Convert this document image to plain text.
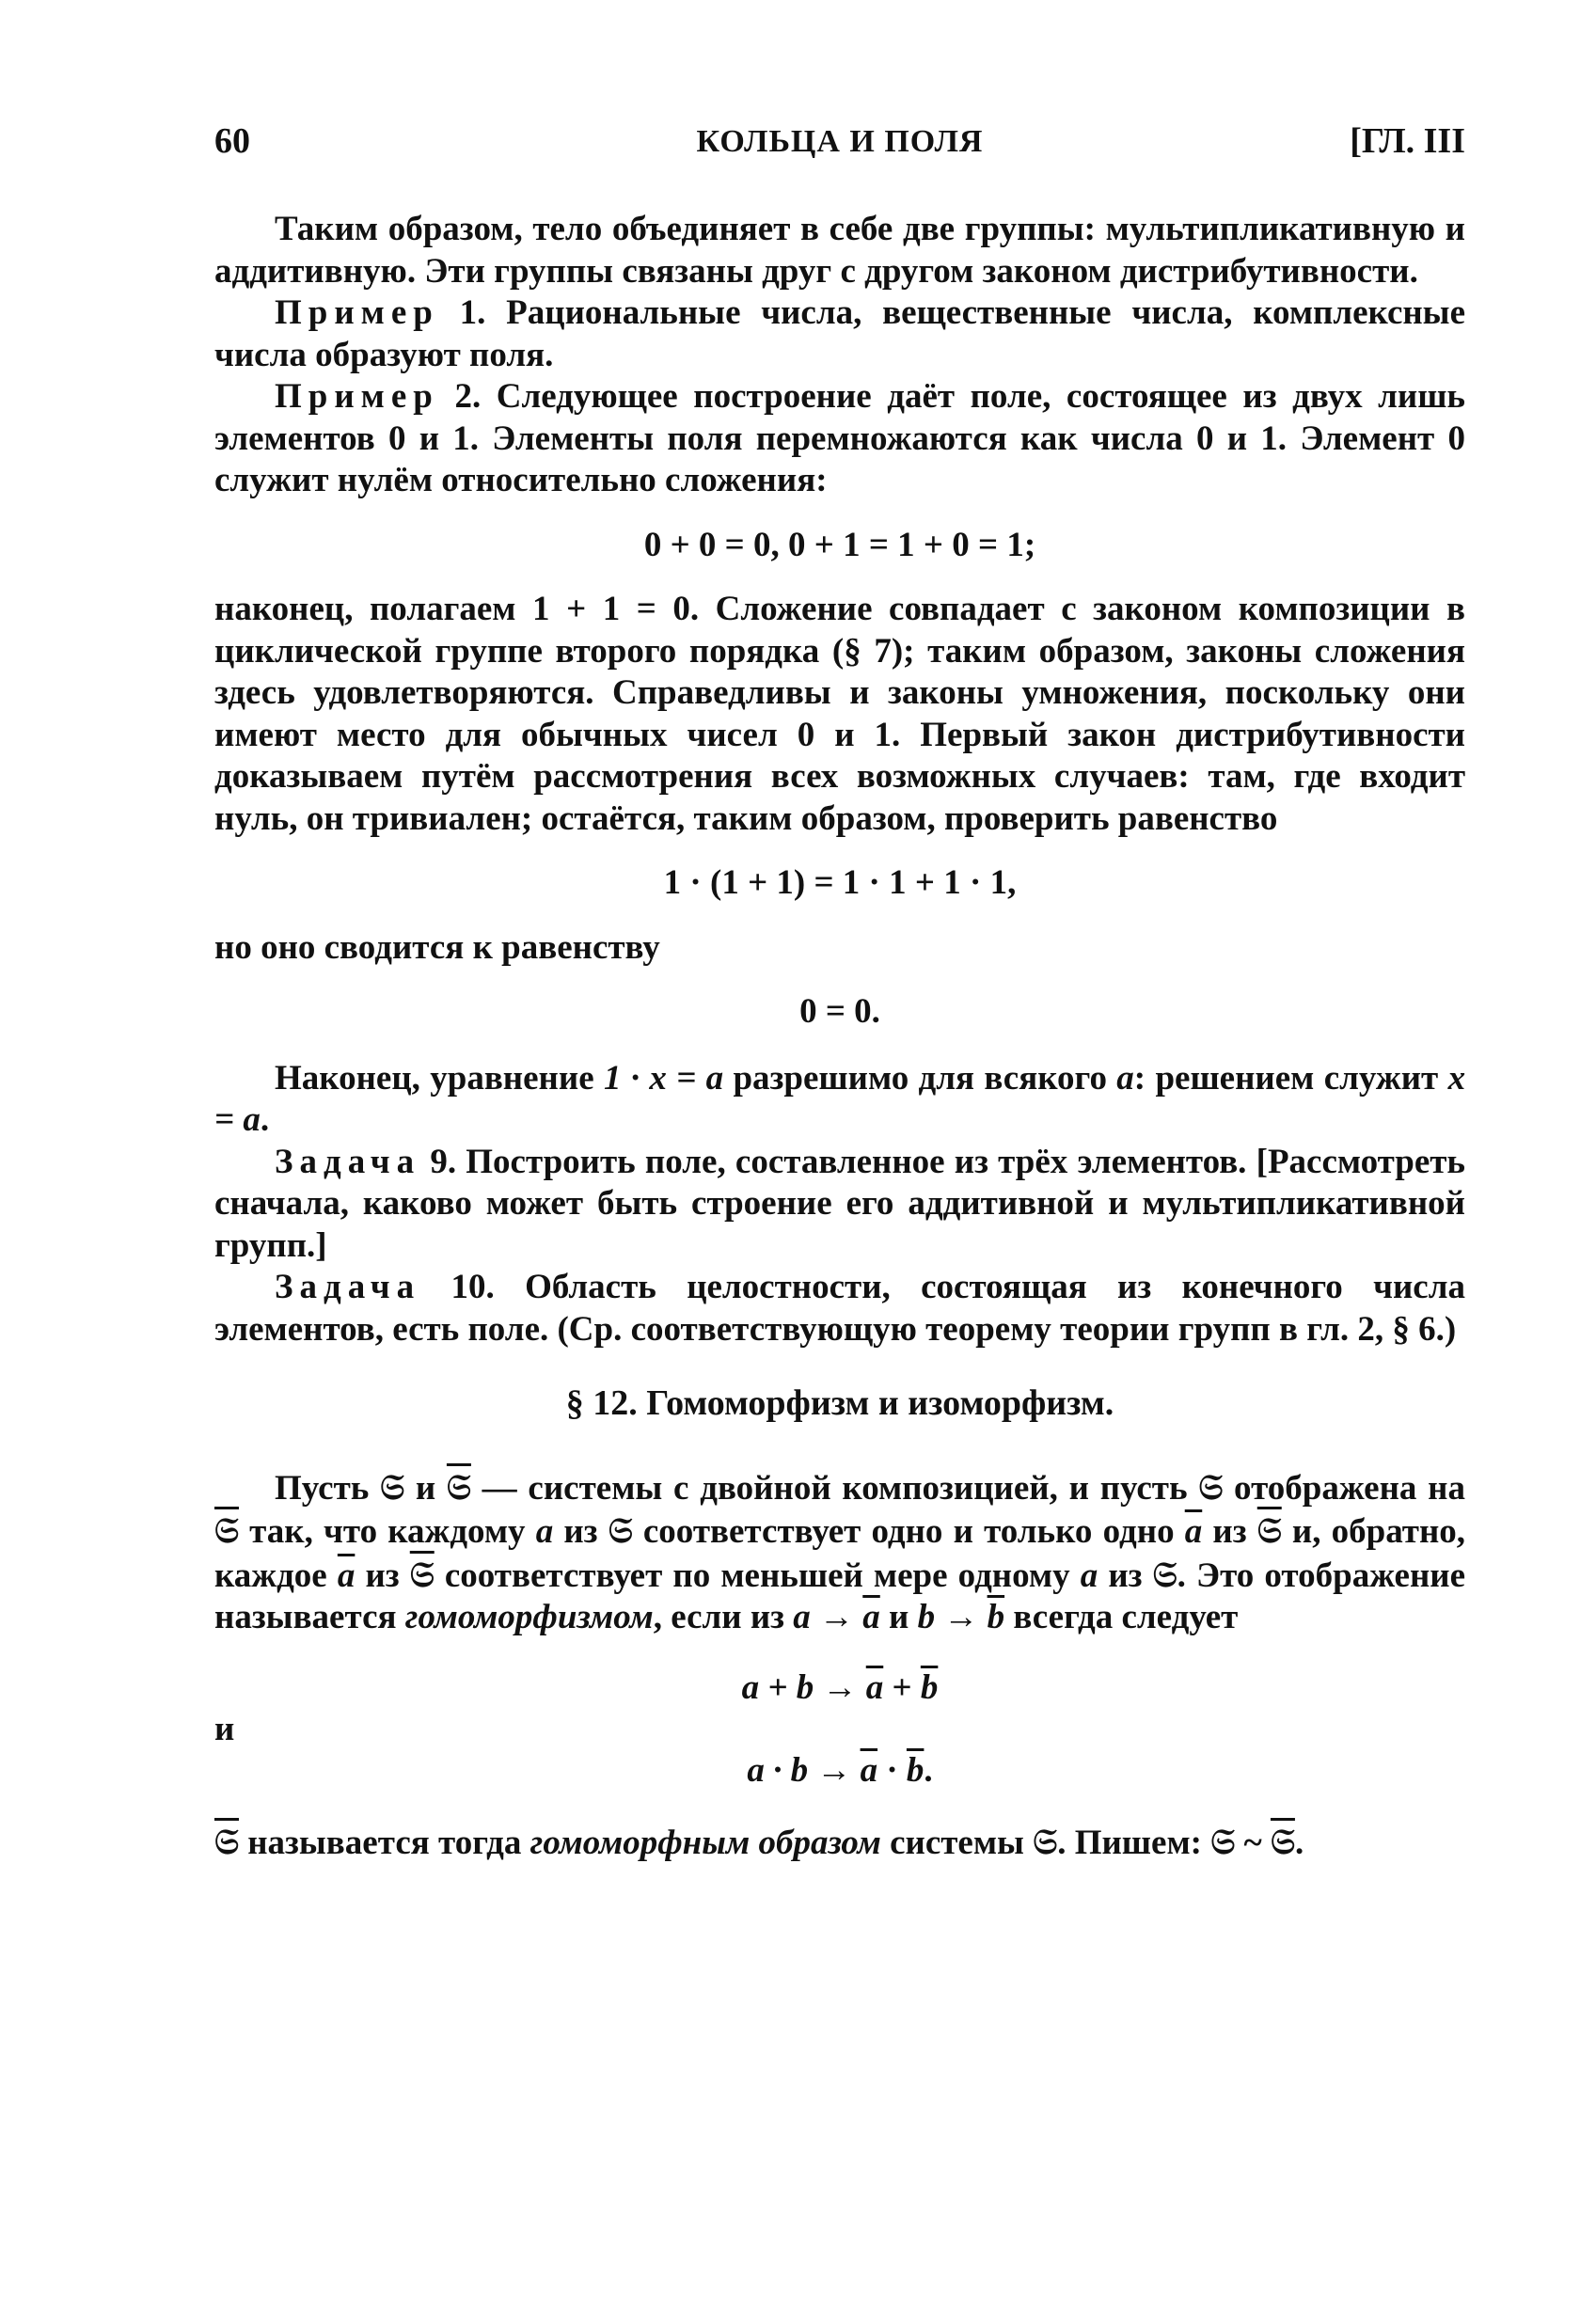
60	КОЛЬЦА И ПОЛЯ	[ГЛ. III

Таким образом, тело объединяет в себе две группы: мультипликативную и аддитивную. Эти группы связаны друг с другом законом дистрибутивности.

Пример 1. Рациональные числа, вещественные числа, комплексные числа образуют поля.

Пример 2. Следующее построение даёт поле, состоящее из двух лишь элементов 0 и 1. Элементы поля перемножаются как числа 0 и 1. Элемент 0 служит нулём относительно сложения:

0 + 0 = 0, 0 + 1 = 1 + 0 = 1;

наконец, полагаем 1 + 1 = 0. Сложение совпадает с законом композиции в циклической группе второго порядка (§ 7); таким образом, законы сложения здесь удовлетворяются. Справедливы и законы умножения, поскольку они имеют место для обычных чисел 0 и 1. Первый закон дистрибутивности доказываем путём рассмотрения всех возможных случаев: там, где входит нуль, он тривиален; остаётся, таким образом, проверить равенство

1 · (1 + 1) = 1 · 1 + 1 · 1,

но оно сводится к равенству

0 = 0.

Наконец, уравнение 1 · x = a разрешимо для всякого a: решением служит x = a.

Задача 9. Построить поле, составленное из трёх элементов. [Рассмотреть сначала, каково может быть строение его аддитивной и мультипликативной групп.]

Задача 10. Область целостности, состоящая из конечного числа элементов, есть поле. (Ср. соответствующую теорему теории групп в гл. 2, § 6.)

§ 12. Гомоморфизм и изоморфизм.

Пусть 𝔖 и 𝔖 — системы с двойной композицией, и пусть 𝔖 отображена на 𝔖 так, что каждому a из 𝔖 соответствует одно и только одно $\overline{a}$ из 𝔖 и, обратно, каждое $\overline{a}$ из 𝔖 соответствует по меньшей мере одному a из 𝔖. Это отображение называется гомоморфизмом, если из $a \to \overline{a}$ и $b \to \overline{b}$ всегда следует

$a + b \to \overline{a} + \overline{b}$

и

$a \cdot b \to \overline{a} \cdot \overline{b}$.

𝔖 называется тогда гомоморфным образом системы 𝔖. Пишем: 𝔖 ~ 𝔖.
